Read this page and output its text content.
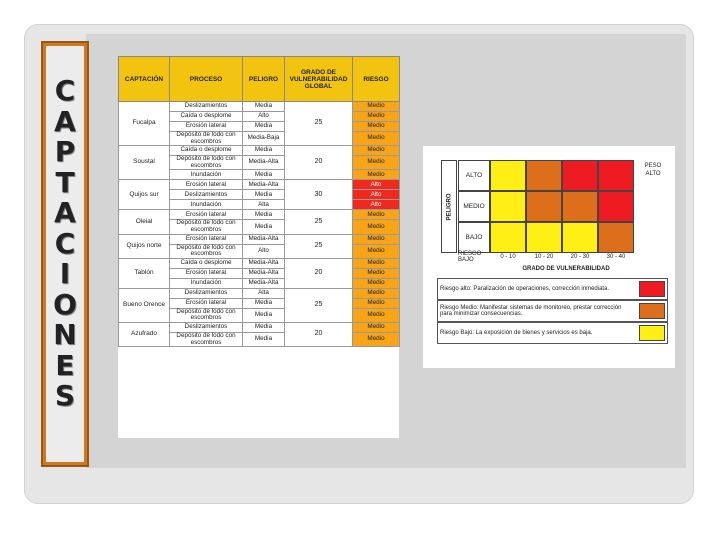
C
A
P
T
A
C
I
O
N
E
S
CAPTACIÓN	PROCESO	PELIGRO	GRADO DE VULNERABILIDAD GLOBAL	RIESGO
Fucalpa	Deslizamientos	Media	25	Medio
	Caída o desplome	Alto		Medio
	Erosión lateral	Media		Medio
	Depósito de lodo con escombros	Media-Baja		Medio
Soustal	Caída o desplome	Media	20	Medio
	Depósito de lodo con escombros	Media-Alta		Medio
	Inundación	Media		Medio
Quijos sur	Erosión lateral	Media-Alta	30	Alto
	Deslizamientos	Media		Alto
	Inundación	Alta		Alto
Oleial	Erosión lateral	Media	25	Medio
	Depósito de lodo con escombros	Media		Medio
Quijos norte	Erosión lateral	Media-Alta	25	Medio
	Depósito de lodo con escombros	Alto		Medio
Tablón	Caída o desplome	Media-Alta	20	Medio
	Erosión lateral	Media-Alta		Medio
	Inundación	Media-Alta		Medio
Bueno Orence	Deslizamientos	Alta	25	Medio
	Erosión lateral	Media		Medio
	Depósito de lodo con escombros	Media		Medio
Azufrado	Deslizamientos	Media	20	Medio
	Depósito de lodo con escombros	Media		Medio
PELIGRO
ALTO
MEDIO
BAJO
0 - 10	10 - 20	20 - 30	30 - 40
PESO ALTO
RIESGO BAJO
GRADO DE VULNERABILIDAD
Riesgo alto: Paralización de operaciones, corrección inmediata.
Riesgo Medio: Manifestar sistemas de monitoreo, prestar corrección para minimizar consecuencias.
Riesgo Bajo: La exposición de bienes y servicios es baja.
